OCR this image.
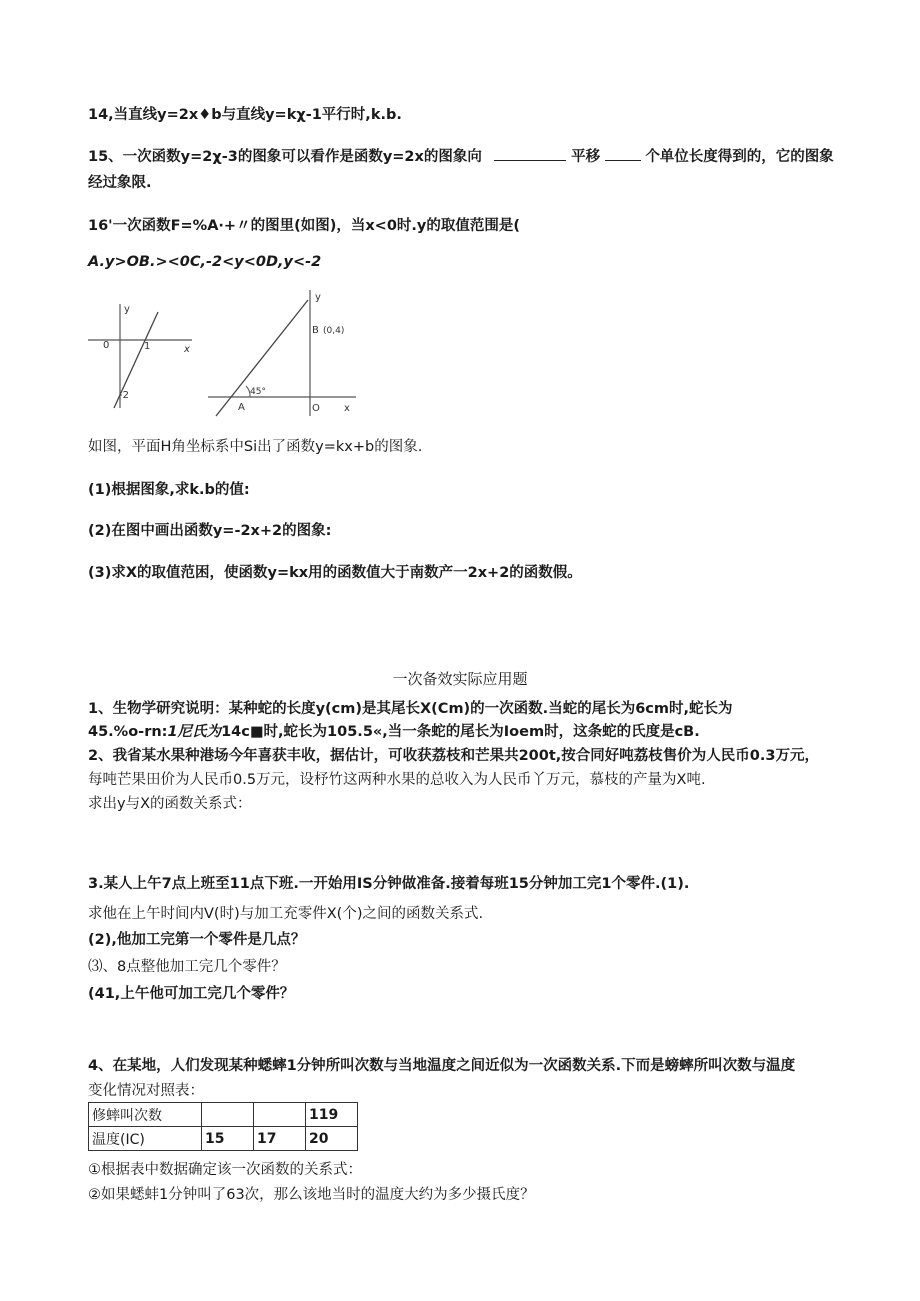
14,当直线y=2x♦b与直线y=kχ-1平行时,k.b.
15、一次函数y=2χ-3的图象可以看作是函数y=2x的图象向	平移	个单位长度得到的，它的图象
经过象限.
16'一次函数F=%A·+〃的图里(如图)，当x<0时.y的取值范围是(
A.y>OB.><0C,-2<y<0D,y<-2
y
0	1	x
-2
y
B (0,4)
45°
A	O x
如图，平面H角坐标系中Si出了函数y=kx+b的图象.
(1)根据图象,求k.b的值:
(2)在图中画出函数y=-2x+2的图象:
(3)求X的取值范困，使函数y=kx用的函数值大于南数产一2x+2的函数假。
一次备效实际应用题
1、生物学研究说明：某种蛇的长度y(cm)是其尾长X(Cm)的一次函数.当蛇的尾长为6cm时,蛇长为
45.%o-rn:1尼氏为14c■时,蛇长为105.5«,当一条蛇的尾长为Ioem时，这条蛇的氏度是cB.
2、我省某水果种港场今年喜获丰收，据估计，可收获荔枝和芒果共200t,按合同好吨荔枝售价为人民币0.3万元，
每吨芒果田价为人民币0.5万元，设杼竹这两种水果的总收入为人民币丫万元，慕枝的产量为X吨.
求出y与X的函数关系式：
3.某人上午7点上班至11点下班.一开始用IS分钟做准备.接着每班15分钟加工完1个零件.(1).
求他在上午时间内V(时)与加工充零件X(个)之间的函数关系式.
(2),他加工完第一个零件是几点？
⑶、8点整他加工完几个零件？
(41,上午他可加工完几个零件？
4、在某地，人们发现某种蟋蟀1分钟所叫次数与当地温度之间近似为一次函数关系.下而是螃蟀所叫次数与温度
变化情况对照表：
修蟀叫次数			119
温度(IC)	15	17	20
①根据表中数据确定该一次函数的关系式：
②如果蟋蚌1分钟叫了63次，那么该地当时的温度大约为多少摄氏度？
